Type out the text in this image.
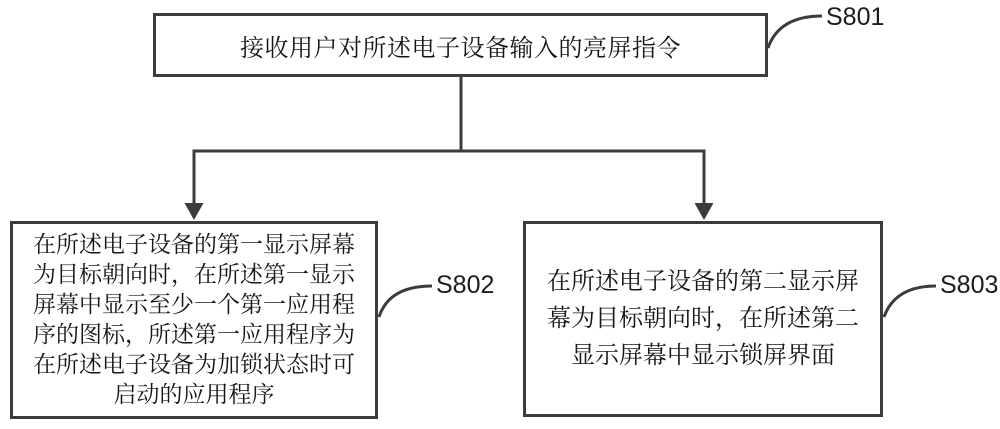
接收用户对所述电子设备输入的亮屏指令
在所述电子设备的第一显示屏幕
为目标朝向时，在所述第一显示
屏幕中显示至少一个第一应用程
序的图标，所述第一应用程序为
在所述电子设备为加锁状态时可
启动的应用程序
在所述电子设备的第二显示屏
幕为目标朝向时，在所述第二
显示屏幕中显示锁屏界面
S801
S802	S803
